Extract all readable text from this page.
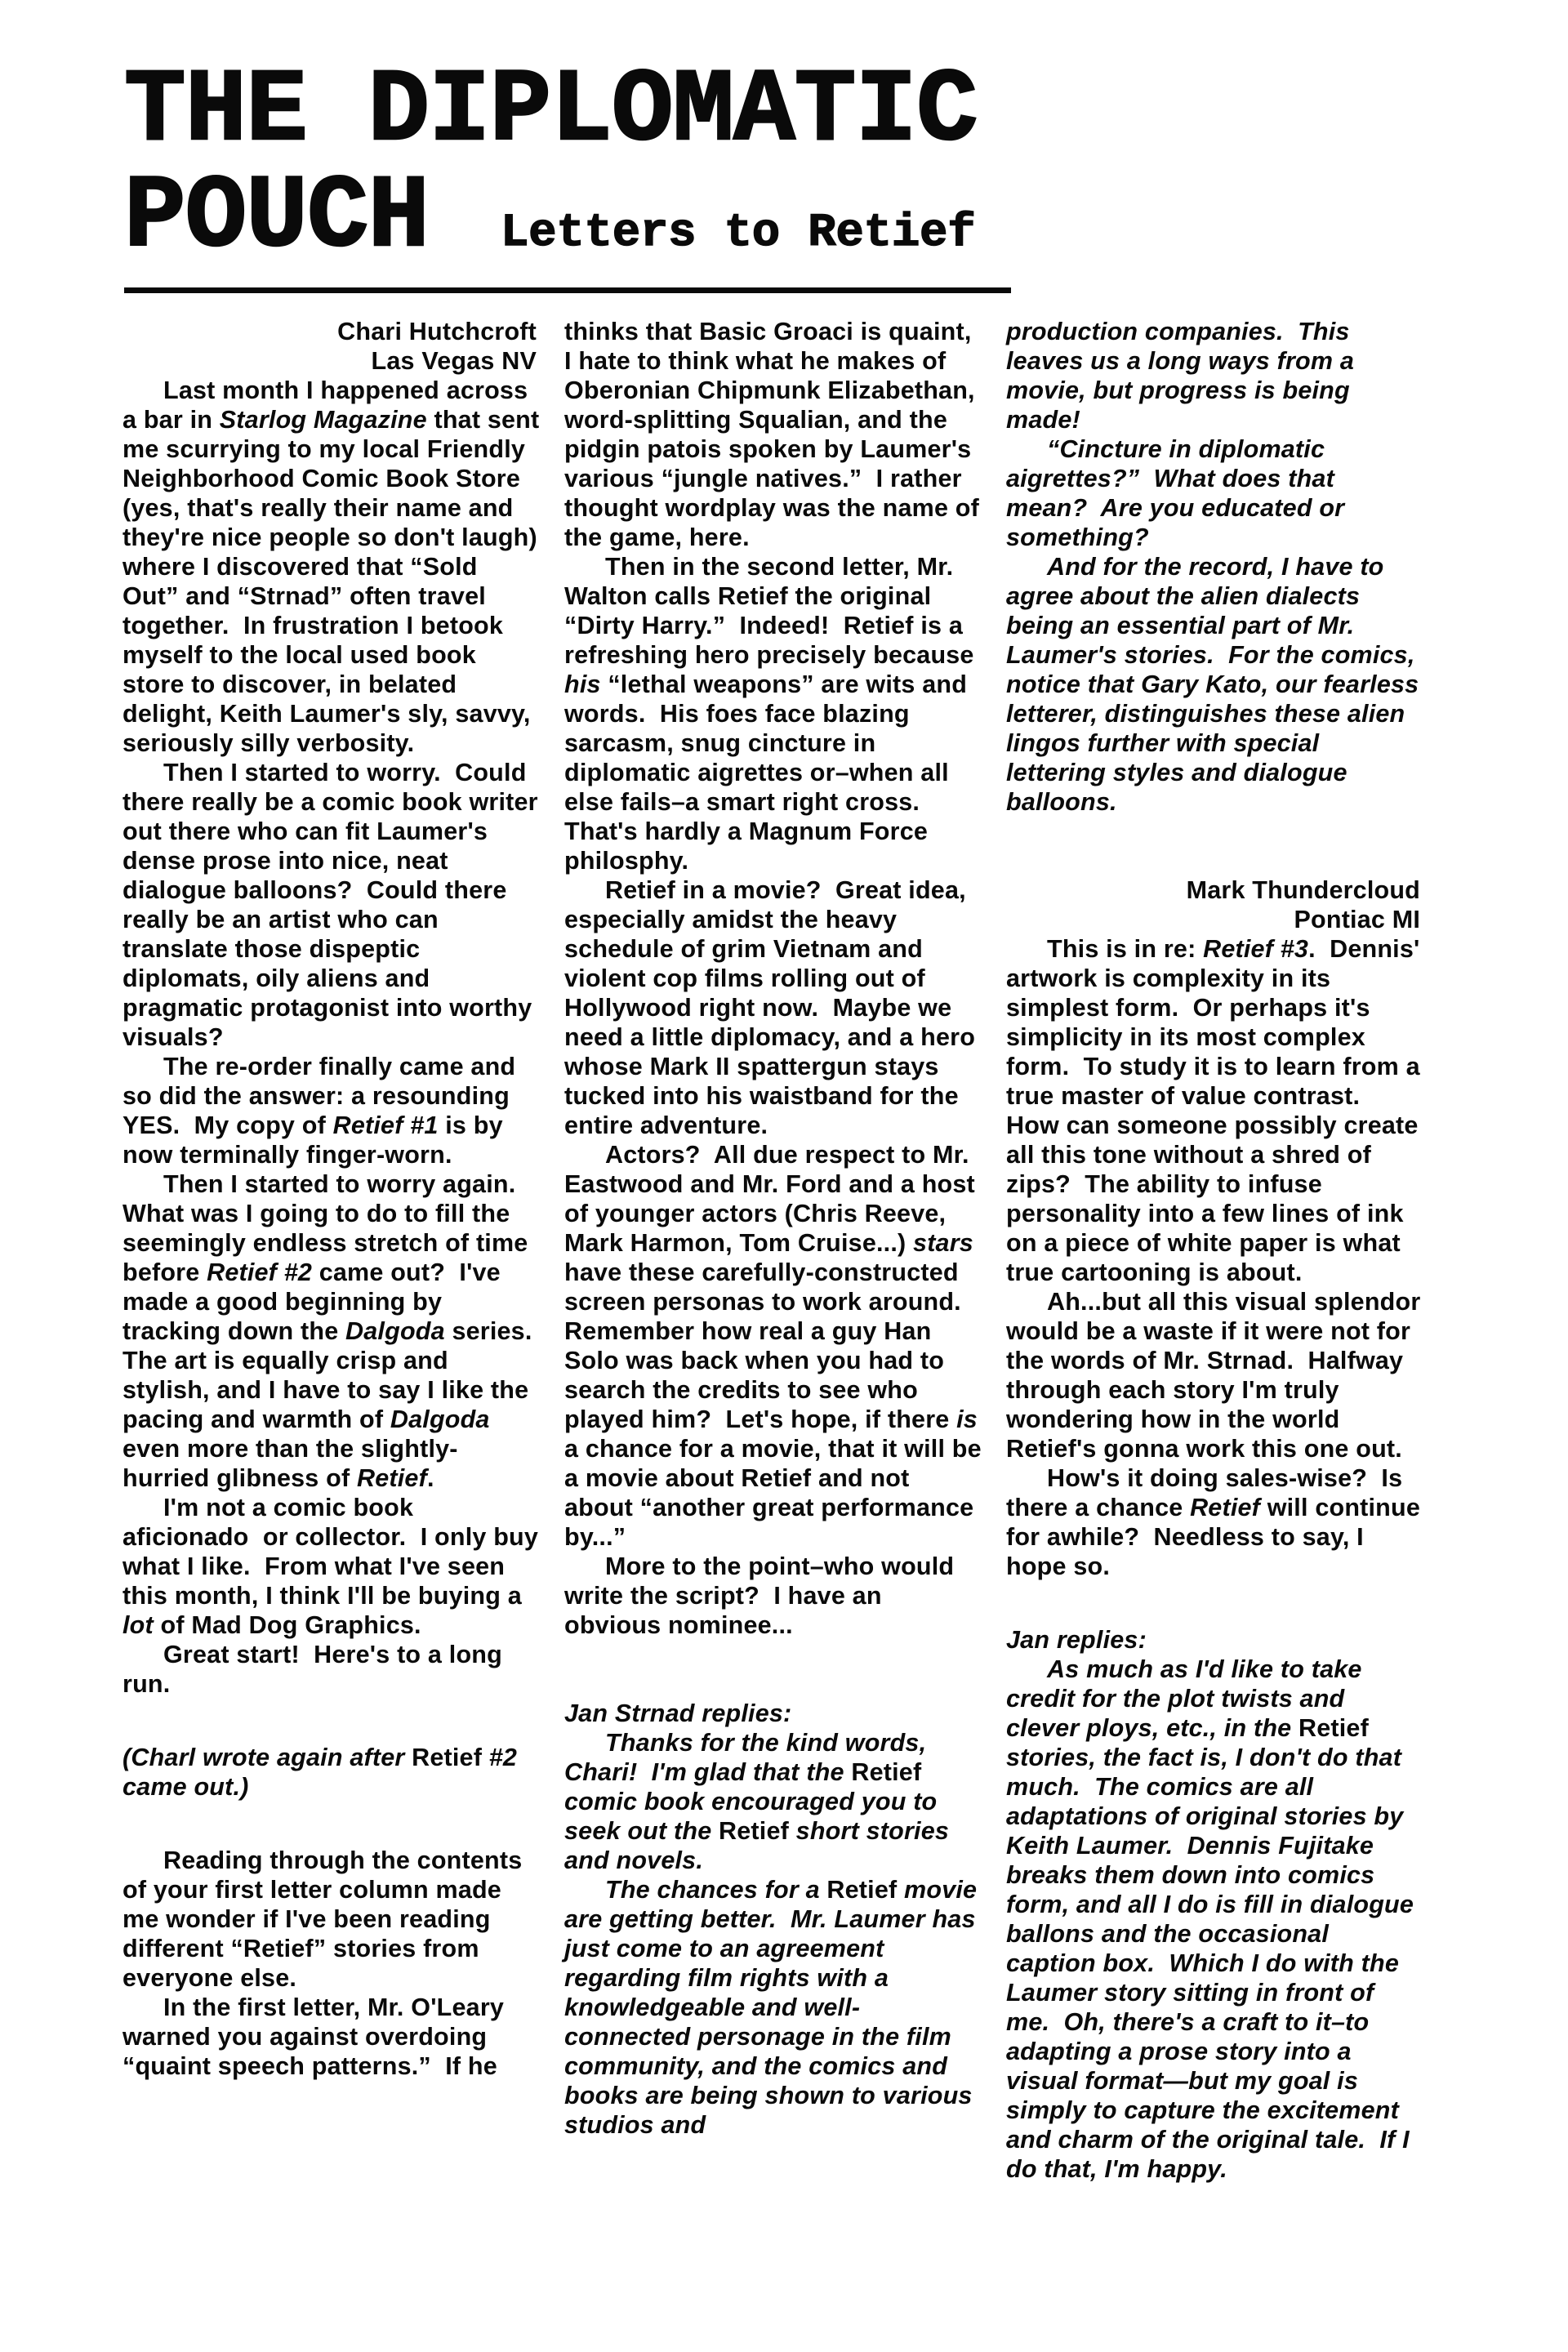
THE DIPLOMATIC
POUCH Letters to Retief

Chari Hutchcroft

Las Vegas NV

Last month I happened across a bar in Starlog Magazine that sent me scurrying to my local Friendly Neighborhood Comic Book Store (yes, that's really their name and they're nice people so don't laugh) where I discovered that “Sold Out” and “Strnad” often travel together.  In frustration I betook myself to the local used book store to discover, in belated delight, Keith Laumer's sly, savvy, seriously silly verbosity.

Then I started to worry.  Could there really be a comic book writer out there who can fit Laumer's dense prose into nice, neat dialogue balloons?  Could there really be an artist who can translate those dispeptic diplomats, oily aliens and pragmatic protagonist into worthy visuals?

The re-order finally came and so did the answer: a resounding YES.  My copy of Retief #1 is by now terminally finger-worn.

Then I started to worry again.  What was I going to do to fill the seemingly endless stretch of time before Retief #2 came out?  I've made a good beginning by tracking down the Dalgoda series.  The art is equally crisp and stylish, and I have to say I like the pacing and warmth of Dalgoda even more than the slightly-hurried glibness of Retief.

I'm not a comic book aficionado  or collector.  I only buy what I like.  From what I've seen this month, I think I'll be buying a lot of Mad Dog Graphics.

Great start!  Here's to a long run.

(Charl wrote again after Retief #2 came out.)

Reading through the contents of your first letter column made me wonder if I've been reading different “Retief” stories from everyone else.

In the first letter, Mr. O'Leary warned you against overdoing “quaint speech patterns.”  If he

thinks that Basic Groaci is quaint, I hate to think what he makes of Oberonian Chipmunk Elizabethan, word-splitting Squalian, and the pidgin patois spoken by Laumer's various “jungle natives.”  I rather thought wordplay was the name of the game, here.

Then in the second letter, Mr. Walton calls Retief the original “Dirty Harry.”  Indeed!  Retief is a refreshing hero precisely because his “lethal weapons” are wits and words.  His foes face blazing sarcasm, snug cincture in diplomatic aigrettes or–when all else fails–a smart right cross.  That's hardly a Magnum Force philosphy.

Retief in a movie?  Great idea, especially amidst the heavy schedule of grim Vietnam and violent cop films rolling out of Hollywood right now.  Maybe we need a little diplomacy, and a hero whose Mark II spattergun stays tucked into his waistband for the entire adventure.

Actors?  All due respect to Mr. Eastwood and Mr. Ford and a host of younger actors (Chris Reeve, Mark Harmon, Tom Cruise...) stars have these carefully-constructed screen personas to work around.  Remember how real a guy Han Solo was back when you had to search the credits to see who played him?  Let's hope, if there is a chance for a movie, that it will be a movie about Retief and not about “another great performance by...”

More to the point–who would write the script?  I have an obvious nominee...

Jan Strnad replies:

Thanks for the kind words, Chari!  I'm glad that the Retief comic book encouraged you to seek out the Retief short stories and novels.

The chances for a Retief movie are getting better.  Mr. Laumer has just come to an agreement regarding film rights with a knowledgeable and well-connected personage in the film community, and the comics and books are being shown to various studios and

production companies.  This leaves us a long ways from a movie, but progress is being made!

“Cincture in diplomatic aigrettes?”  What does that mean?  Are you educated or something?

And for the record, I have to agree about the alien dialects being an essential part of Mr. Laumer's stories.  For the comics, notice that Gary Kato, our fearless letterer, distinguishes these alien lingos further with special lettering styles and dialogue balloons.

Mark Thundercloud

Pontiac MI

This is in re: Retief #3.  Dennis' artwork is complexity in its simplest form.  Or perhaps it's simplicity in its most complex form.  To study it is to learn from a true master of value contrast.  How can someone possibly create all this tone without a shred of zips?  The ability to infuse personality into a few lines of ink on a piece of white paper is what true cartooning is about.

Ah...but all this visual splendor would be a waste if it were not for the words of Mr. Strnad.  Halfway through each story I'm truly wondering how in the world Retief's gonna work this one out.

How's it doing sales-wise?  Is there a chance Retief will continue for awhile?  Needless to say, I hope so.

Jan replies:

As much as I'd like to take credit for the plot twists and clever ploys, etc., in the Retief stories, the fact is, I don't do that much.  The comics are all adaptations of original stories by Keith Laumer.  Dennis Fujitake breaks them down into comics form, and all I do is fill in dialogue ballons and the occasional caption box.  Which I do with the Laumer story sitting in front of me.  Oh, there's a craft to it–to adapting a prose story into a visual format—but my goal is simply to capture the excitement and charm of the original tale.  If I do that, I'm happy.
